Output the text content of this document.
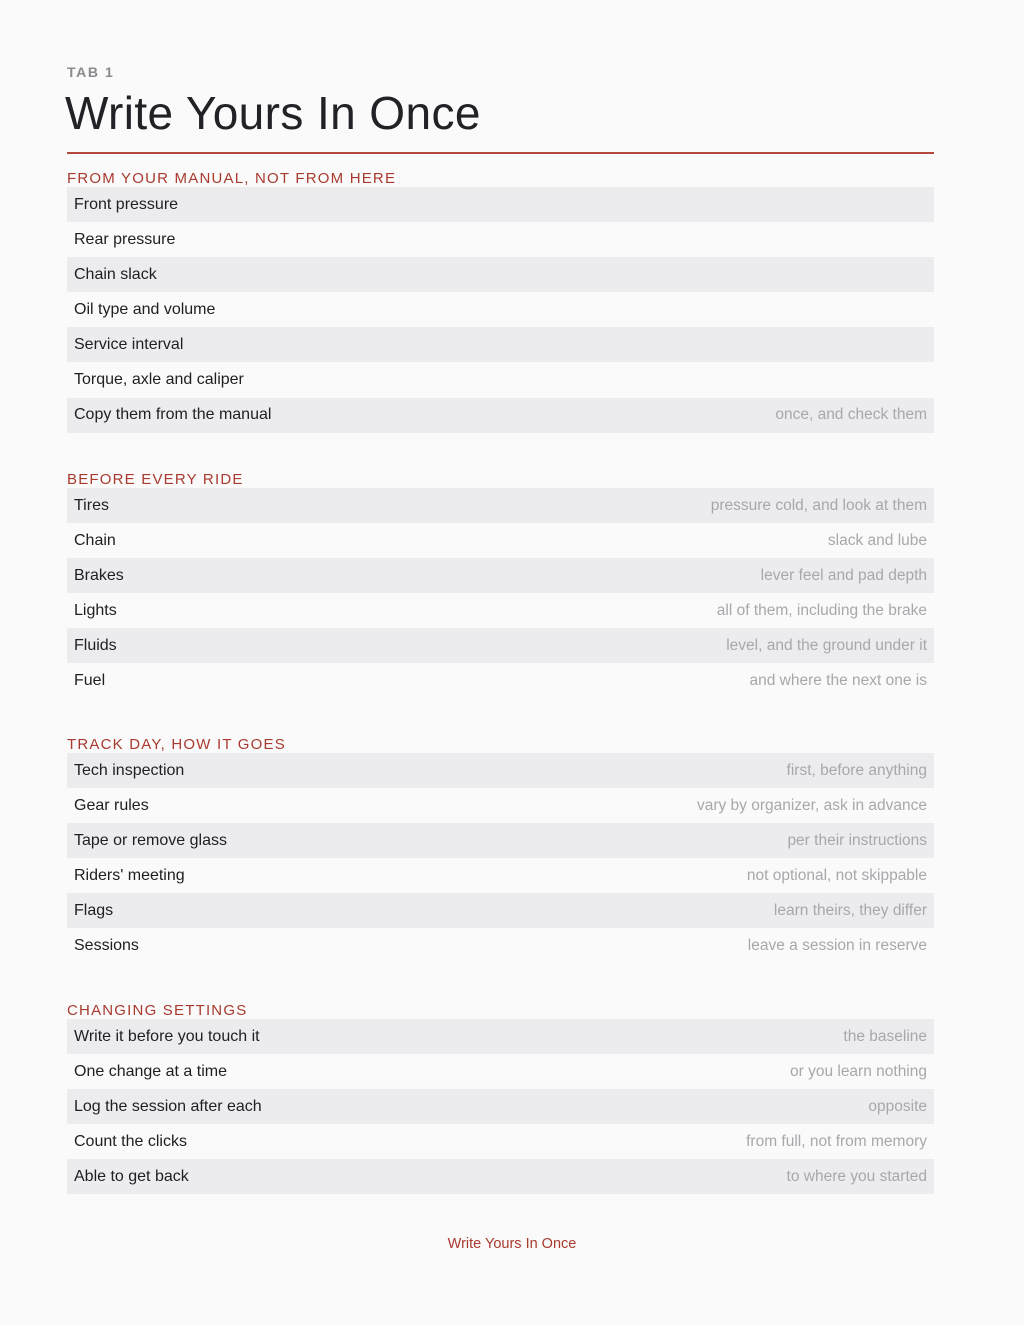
TAB 1
Write Yours In Once
FROM YOUR MANUAL, NOT FROM HERE
Front pressure
Rear pressure
Chain slack
Oil type and volume
Service interval
Torque, axle and caliper
Copy them from the manual	once, and check them
BEFORE EVERY RIDE
Tires	pressure cold, and look at them
Chain	slack and lube
Brakes	lever feel and pad depth
Lights	all of them, including the brake
Fluids	level, and the ground under it
Fuel	and where the next one is
TRACK DAY, HOW IT GOES
Tech inspection	first, before anything
Gear rules	vary by organizer, ask in advance
Tape or remove glass	per their instructions
Riders' meeting	not optional, not skippable
Flags	learn theirs, they differ
Sessions	leave a session in reserve
CHANGING SETTINGS
Write it before you touch it	the baseline
One change at a time	or you learn nothing
Log the session after each	opposite
Count the clicks	from full, not from memory
Able to get back	to where you started
Write Yours In Once
